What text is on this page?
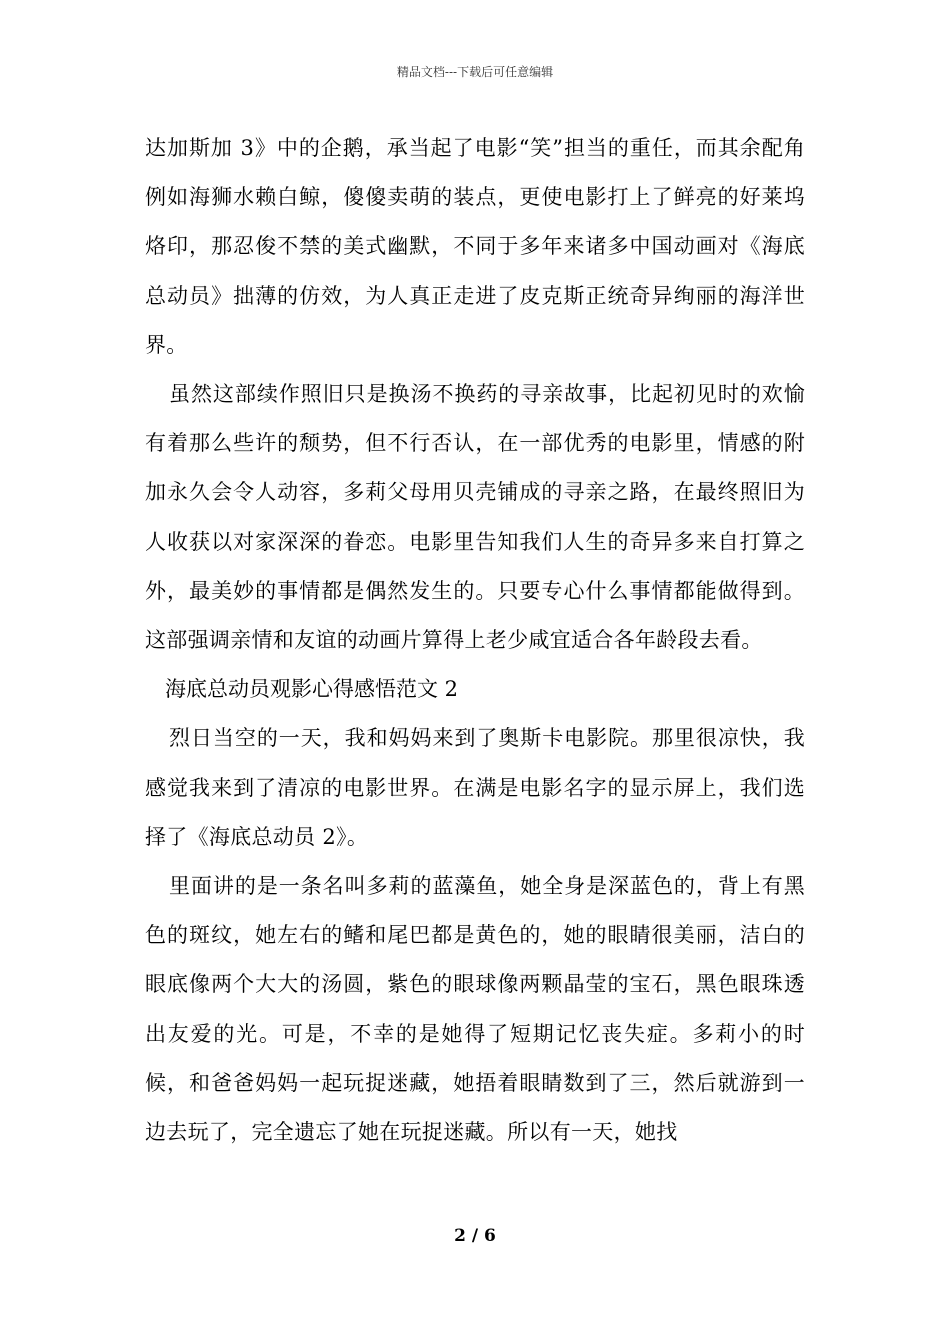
精品文档---下载后可任意编辑

达加斯加 3》中的企鹅，承当起了电影“笑”担当的重任，而其余配角例如海狮水赖白鲸，傻傻卖萌的装点，更使电影打上了鲜亮的好莱坞烙印，那忍俊不禁的美式幽默，不同于多年来诸多中国动画对《海底总动员》拙薄的仿效，为人真正走进了皮克斯正统奇异绚丽的海洋世界。

虽然这部续作照旧只是换汤不换药的寻亲故事，比起初见时的欢愉有着那么些许的颓势，但不行否认，在一部优秀的电影里，情感的附加永久会令人动容，多莉父母用贝壳铺成的寻亲之路，在最终照旧为人收获以对家深深的眷恋。电影里告知我们人生的奇异多来自打算之外，最美妙的事情都是偶然发生的。只要专心什么事情都能做得到。这部强调亲情和友谊的动画片算得上老少咸宜适合各年龄段去看。

海底总动员观影心得感悟范文 2

烈日当空的一天，我和妈妈来到了奥斯卡电影院。那里很凉快，我感觉我来到了清凉的电影世界。在满是电影名字的显示屏上，我们选择了《海底总动员 2》。

里面讲的是一条名叫多莉的蓝藻鱼，她全身是深蓝色的，背上有黑色的斑纹，她左右的鳍和尾巴都是黄色的，她的眼睛很美丽，洁白的眼底像两个大大的汤圆，紫色的眼球像两颗晶莹的宝石，黑色眼珠透出友爱的光。可是，不幸的是她得了短期记忆丧失症。多莉小的时候，和爸爸妈妈一起玩捉迷藏，她捂着眼睛数到了三，然后就游到一边去玩了，完全遗忘了她在玩捉迷藏。所以有一天，她找

2 / 6
